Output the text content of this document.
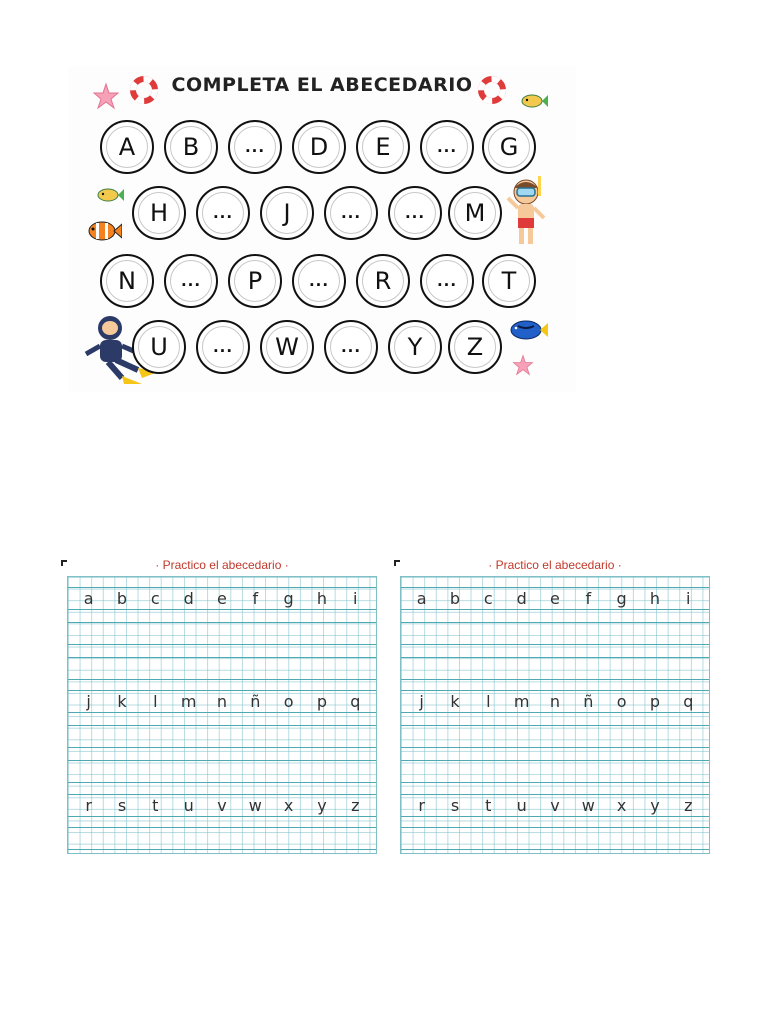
COMPLETA EL ABECEDARIO
A B	... D E	... G
H	... J	...	... M
N	... P	... R	... T
U	... W	... Y Z
· Practico el abecedario ·
a	b	c	d	e	f	g	h	i
j	k	l	m	n	ñ	o	p	q
r	s	t	u	v	w	x	y	z
· Practico el abecedario ·
a	b	c	d	e	f	g	h	i
j	k	l	m	n	ñ	o	p	q
r	s	t	u	v	w	x	y	z
